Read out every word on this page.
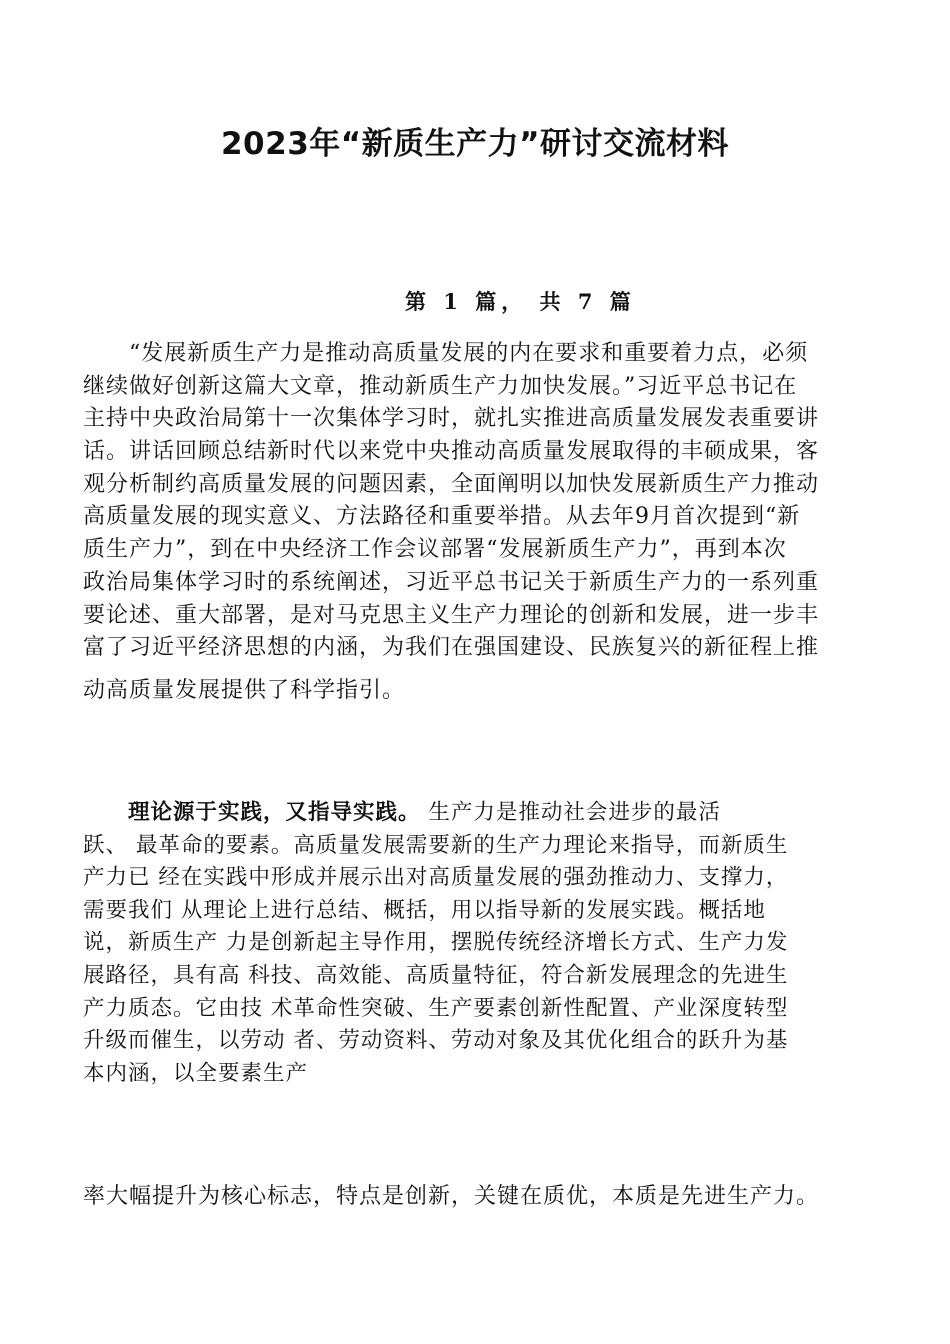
2023年“新质生产力”研讨交流材料
第 1 篇， 共 7 篇
　　“发展新质生产力是推动高质量发展的内在要求和重要着力点，必须
继续做好创新这篇大文章，推动新质生产力加快发展。”习近平总书记在
主持中央政治局第十一次集体学习时，就扎实推进高质量发展发表重要讲
话。讲话回顾总结新时代以来党中央推动高质量发展取得的丰硕成果，客
观分析制约高质量发展的问题因素，全面阐明以加快发展新质生产力推动
高质量发展的现实意义、方法路径和重要举措。从去年9月首次提到“新
质生产力”，到在中央经济工作会议部署“发展新质生产力”，再到本次
政治局集体学习时的系统阐述，习近平总书记关于新质生产力的一系列重
要论述、重大部署，是对马克思主义生产力理论的创新和发展，进一步丰
富了习近平经济思想的内涵，为我们在强国建设、民族复兴的新征程上推
动高质量发展提供了科学指引。
　　理论源于实践，又指导实践。 生产力是推动社会进步的最活
跃、 最革命的要素。高质量发展需要新的生产力理论来指导，而新质生
产力已 经在实践中形成并展示出对高质量发展的强劲推动力、支撑力，
需要我们 从理论上进行总结、概括，用以指导新的发展实践。概括地
说，新质生产 力是创新起主导作用，摆脱传统经济增长方式、生产力发
展路径，具有高 科技、高效能、高质量特征，符合新发展理念的先进生
产力质态。它由技 术革命性突破、生产要素创新性配置、产业深度转型
升级而催生，以劳动 者、劳动资料、劳动对象及其优化组合的跃升为基
本内涵，以全要素生产
率大幅提升为核心标志，特点是创新，关键在质优，本质是先进生产力。
